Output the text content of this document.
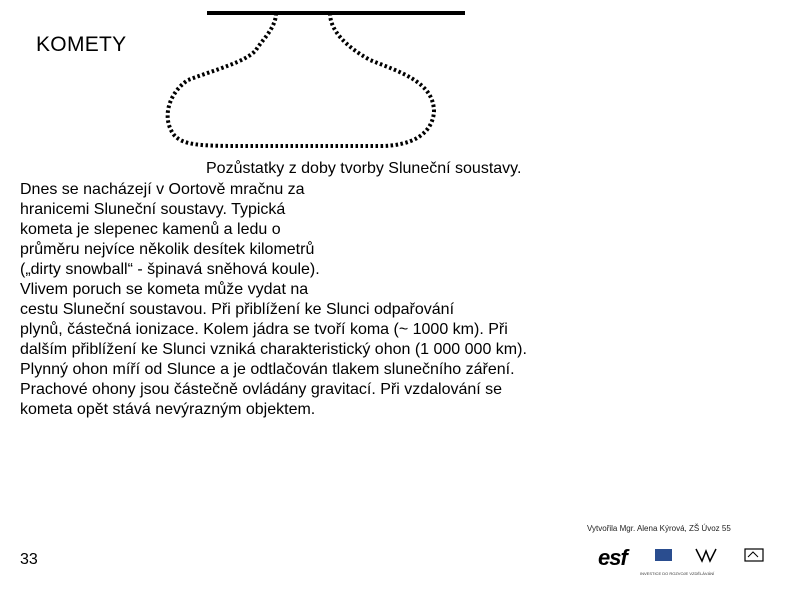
KOMETY
Pozůstatky z doby tvorby Sluneční soustavy.
Dnes se nacházejí v Oortově mračnu za
hranicemi Sluneční soustavy. Typická
kometa je slepenec kamenů a ledu o
průměru nejvíce několik desítek kilometrů
(„dirty snowball“ - špinavá sněhová koule).
Vlivem poruch se kometa může vydat na
cestu Sluneční soustavou. Při přiblížení ke Slunci odpařování
plynů, částečná ionizace. Kolem jádra se tvoří koma (~ 1000 km). Při
dalším přiblížení ke Slunci vzniká charakteristický ohon (1 000 000 km).
Plynný ohon míří od Slunce a je odtlačován tlakem slunečního záření.
Prachové ohony jsou částečně ovládány gravitací. Při vzdalování se
kometa opět stává nevýrazným objektem.
Vytvořila Mgr. Alena Kýrová, ZŠ Úvoz 55
33	esf
INVESTICE DO ROZVOJE VZDĚLÁVÁNÍ
